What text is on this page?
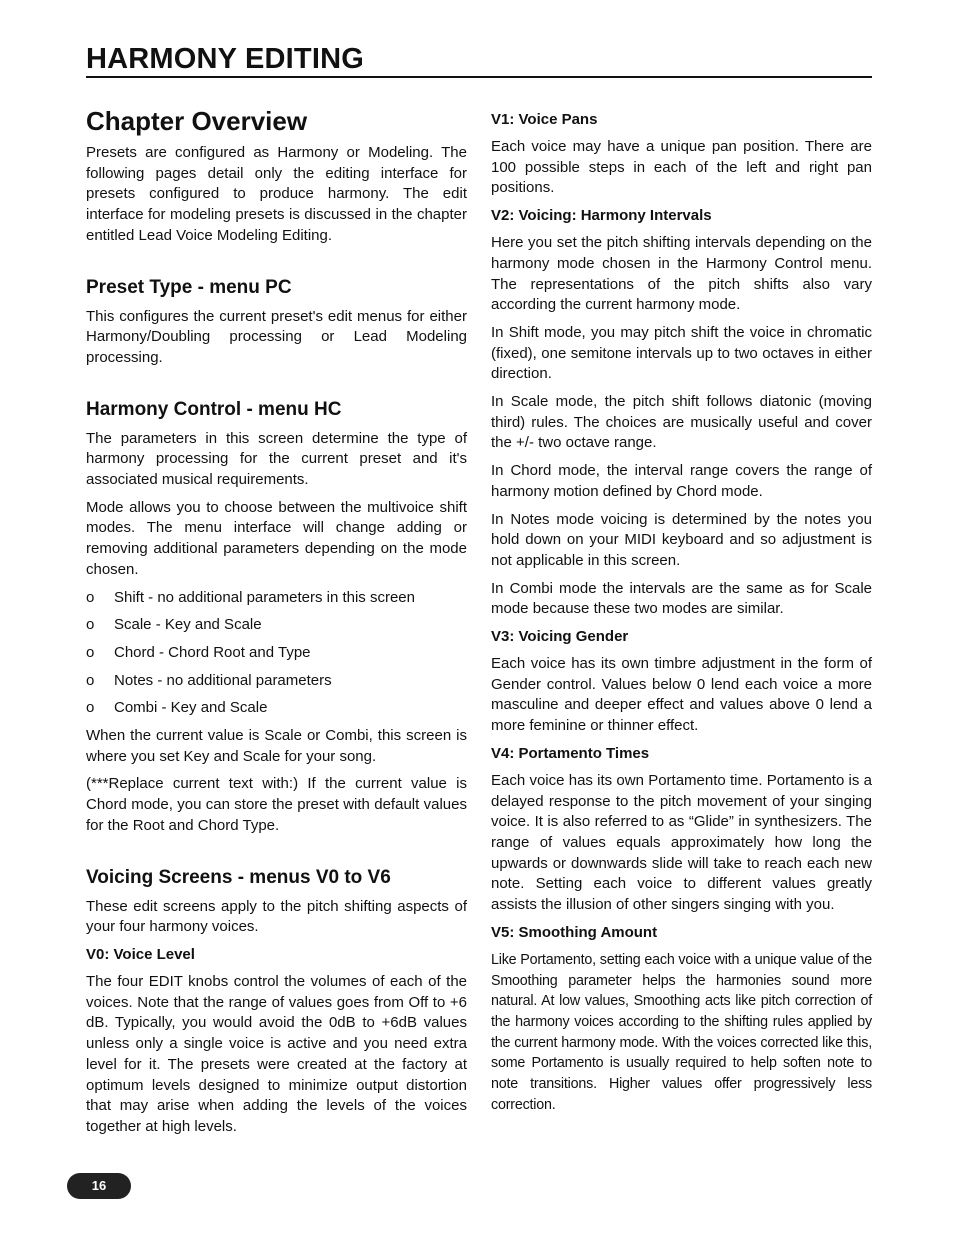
HARMONY EDITING
Chapter Overview

Presets are configured as Harmony or Modeling. The following pages detail only the editing interface for presets configured to produce harmony. The edit interface for modeling presets is discussed in the chapter entitled Lead Voice Modeling Editing.

Preset Type - menu PC

This configures the current preset's edit menus for either Harmony/Doubling processing or Lead Modeling processing.

Harmony Control - menu HC

The parameters in this screen determine the type of harmony processing for the current preset and it's associated musical requirements.

Mode allows you to choose between the multivoice shift modes. The menu interface will change adding or removing additional parameters depending on the mode chosen.

o Shift - no additional parameters in this screen
o Scale - Key and Scale
o Chord - Chord Root and Type
o Notes - no additional parameters
o Combi - Key and Scale

When the current value is Scale or Combi, this screen is where you set Key and Scale for your song.

(***Replace current text with:) If the current value is Chord mode, you can store the preset with default values for the Root and Chord Type.

Voicing Screens - menus V0 to V6

These edit screens apply to the pitch shifting aspects of your four harmony voices.

V0: Voice Level

The four EDIT knobs control the volumes of each of the voices. Note that the range of values goes from Off to +6 dB. Typically, you would avoid the 0dB to +6dB values unless only a single voice is active and you need extra level for it. The presets were created at the factory at optimum levels designed to minimize output distortion that may arise when adding the levels of the voices together at high levels.

V1: Voice Pans

Each voice may have a unique pan position. There are 100 possible steps in each of the left and right pan positions.

V2: Voicing: Harmony Intervals

Here you set the pitch shifting intervals depending on the harmony mode chosen in the Harmony Control menu. The representations of the pitch shifts also vary according the current harmony mode.

In Shift mode, you may pitch shift the voice in chromatic (fixed), one semitone intervals up to two octaves in either direction.

In Scale mode, the pitch shift follows diatonic (moving third) rules. The choices are musically useful and cover the +/- two octave range.

In Chord mode, the interval range covers the range of harmony motion defined by Chord mode.

In Notes mode voicing is determined by the notes you hold down on your MIDI keyboard and so adjustment is not applicable in this screen.

In Combi mode the intervals are the same as for Scale mode because these two modes are similar.

V3: Voicing Gender

Each voice has its own timbre adjustment in the form of Gender control. Values below 0 lend each voice a more masculine and deeper effect and values above 0 lend a more feminine or thinner effect.

V4: Portamento Times

Each voice has its own Portamento time. Portamento is a delayed response to the pitch movement of your singing voice. It is also referred to as “Glide” in synthesizers. The range of values equals approximately how long the upwards or downwards slide will take to reach each new note. Setting each voice to different values greatly assists the illusion of other singers singing with you.

V5: Smoothing Amount

Like Portamento, setting each voice with a unique value of the Smoothing parameter helps the harmonies sound more natural. At low values, Smoothing acts like pitch correction of the harmony voices according to the shifting rules applied by the current harmony mode. With the voices corrected like this, some Portamento is usually required to help soften note to note transitions. Higher values offer progressively less correction.

16
